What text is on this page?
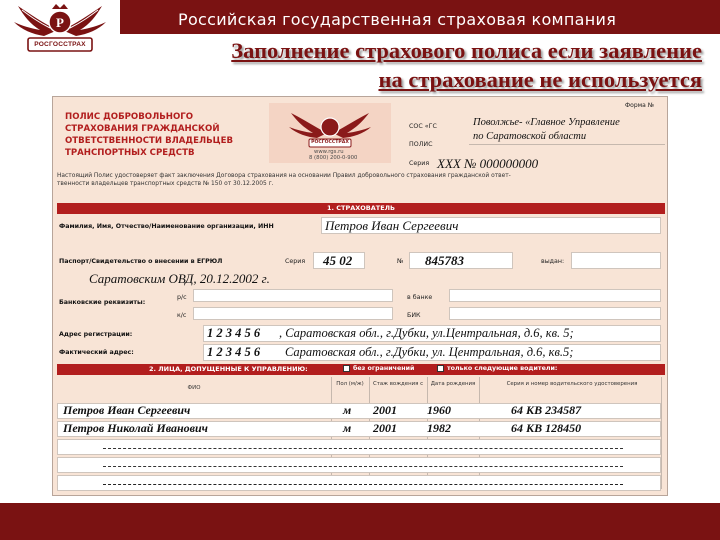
Российская государственная страховая компания
Р
РОСГОССТРАХ	Заполнение страхового полиса если заявление
на страхование не используется
ПОЛИС ДОБРОВОЛЬНОГО
СТРАХОВАНИЯ ГРАЖДАНСКОЙ
ОТВЕТСТВЕННОСТИ ВЛАДЕЛЬЦЕВ
ТРАНСПОРТНЫХ СРЕДСТВ
РОСГОССТРАХ
www.rgs.ru
8 (800) 200-0-900
Форма №
СОС «ГС
ПОЛИС
Серия
Поволжье- «Главное Управление
по Саратовской области
XXX № 000000000
Настоящий Полис удостоверяет факт заключения Договора страхования на основании Правил добровольного страхования гражданской ответ-
твенности владельцев транспортных средств № 150 от 30.12.2005 г.
1. СТРАХОВАТЕЛЬ
Фамилия, Имя, Отчество/Наименование организации, ИНН	Петров Иван Сергеевич
Паспорт/Свидетельство о внесении в ЕГРЮЛ	Серия 45 02	№ 845783	выдан:
Саратовским ОВД, 20.12.2002 г.
Банковские реквизиты:
р/с	в банке
к/с	БИК
Адрес регистрации:	1 2 3 4 5 6 , Саратовская обл., г.Дубки, ул.Центральная, д.6, кв. 5;
Фактический адрес:	1 2 3 4 5 6 Саратовская обл., г.Дубки, ул. Центральная, д.6, кв.5;
2. ЛИЦА, ДОПУЩЕННЫЕ К УПРАВЛЕНИЮ:	без ограничений	только следующие водители:
ФИО
Пол (м/ж)	Стаж вождения с	Дата рождения	Серия и номер водительского удостоверения
Петров Иван Сергеевич	м 2001	1960	64 КВ 234587
Петров Николай Иванович	м 2001	1982	64 КВ 128450
